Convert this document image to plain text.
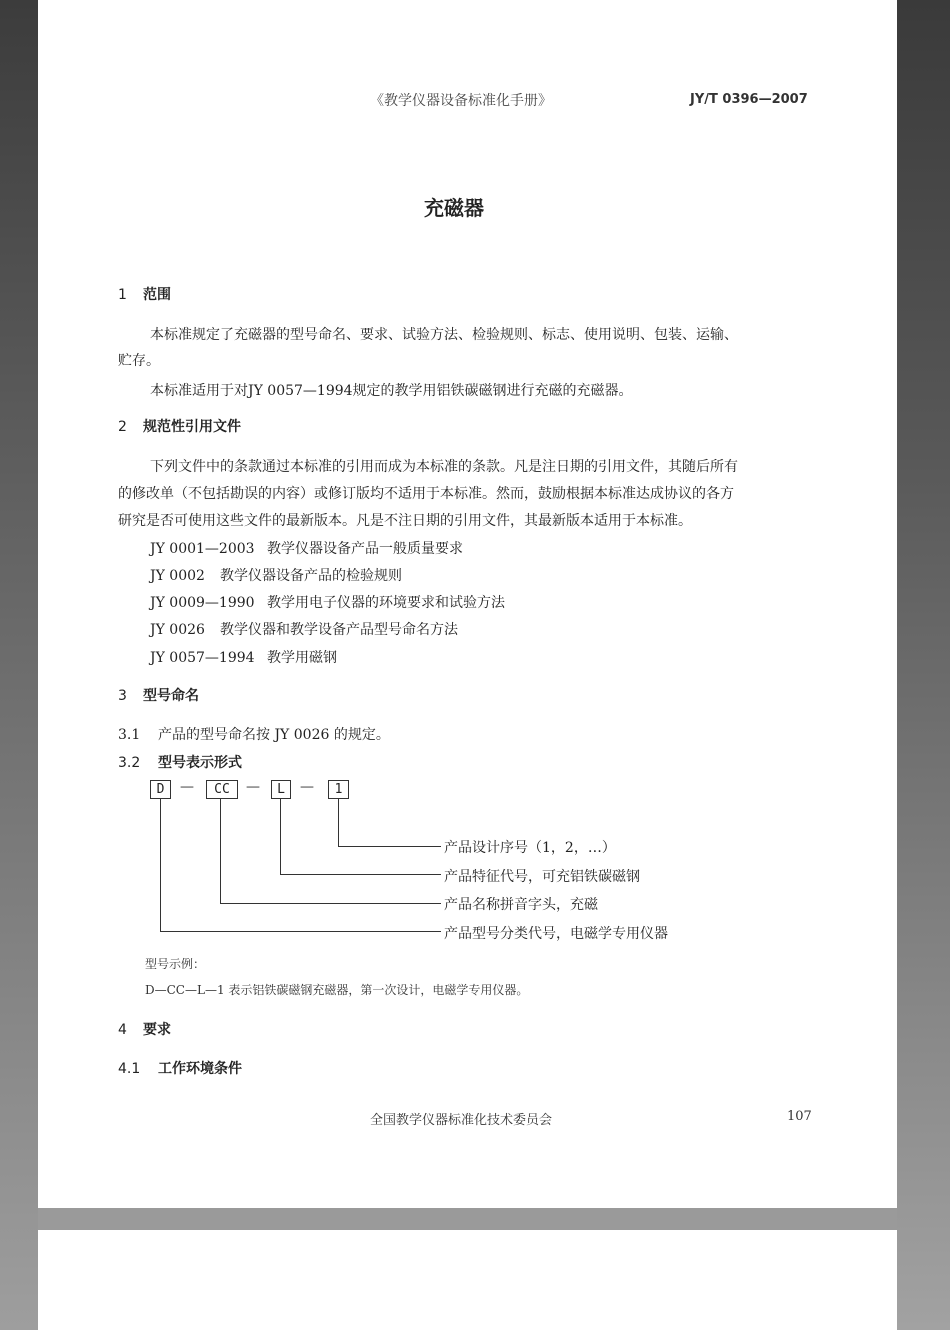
《教学仪器设备标准化手册》	JY/T 0396—2007
充磁器
1 范围
本标准规定了充磁器的型号命名、要求、试验方法、检验规则、标志、使用说明、包装、运输、
贮存。
本标准适用于对JY 0057—1994规定的教学用铝铁碳磁钢进行充磁的充磁器。
2 规范性引用文件
下列文件中的条款通过本标准的引用而成为本标准的条款。凡是注日期的引用文件，其随后所有
的修改单（不包括勘误的内容）或修订版均不适用于本标准。然而，鼓励根据本标准达成协议的各方
研究是否可使用这些文件的最新版本。凡是不注日期的引用文件，其最新版本适用于本标准。
JY 0001—2003 教学仪器设备产品一般质量要求
JY 0002 教学仪器设备产品的检验规则
JY 0009—1990 教学用电子仪器的环境要求和试验方法
JY 0026 教学仪器和教学设备产品型号命名方法
JY 0057—1994 教学用磁钢
3 型号命名
3.1 产品的型号命名按 JY 0026 的规定。
3.2 型号表示形式
D	—	CC	—	L	—	1
产品设计序号（1，2，…）
产品特征代号，可充铝铁碳磁钢
产品名称拼音字头，充磁
产品型号分类代号，电磁学专用仪器
型号示例：
D—CC—L—1 表示铝铁碳磁钢充磁器，第一次设计，电磁学专用仪器。
4 要求
4.1 工作环境条件
全国教学仪器标准化技术委员会	107
